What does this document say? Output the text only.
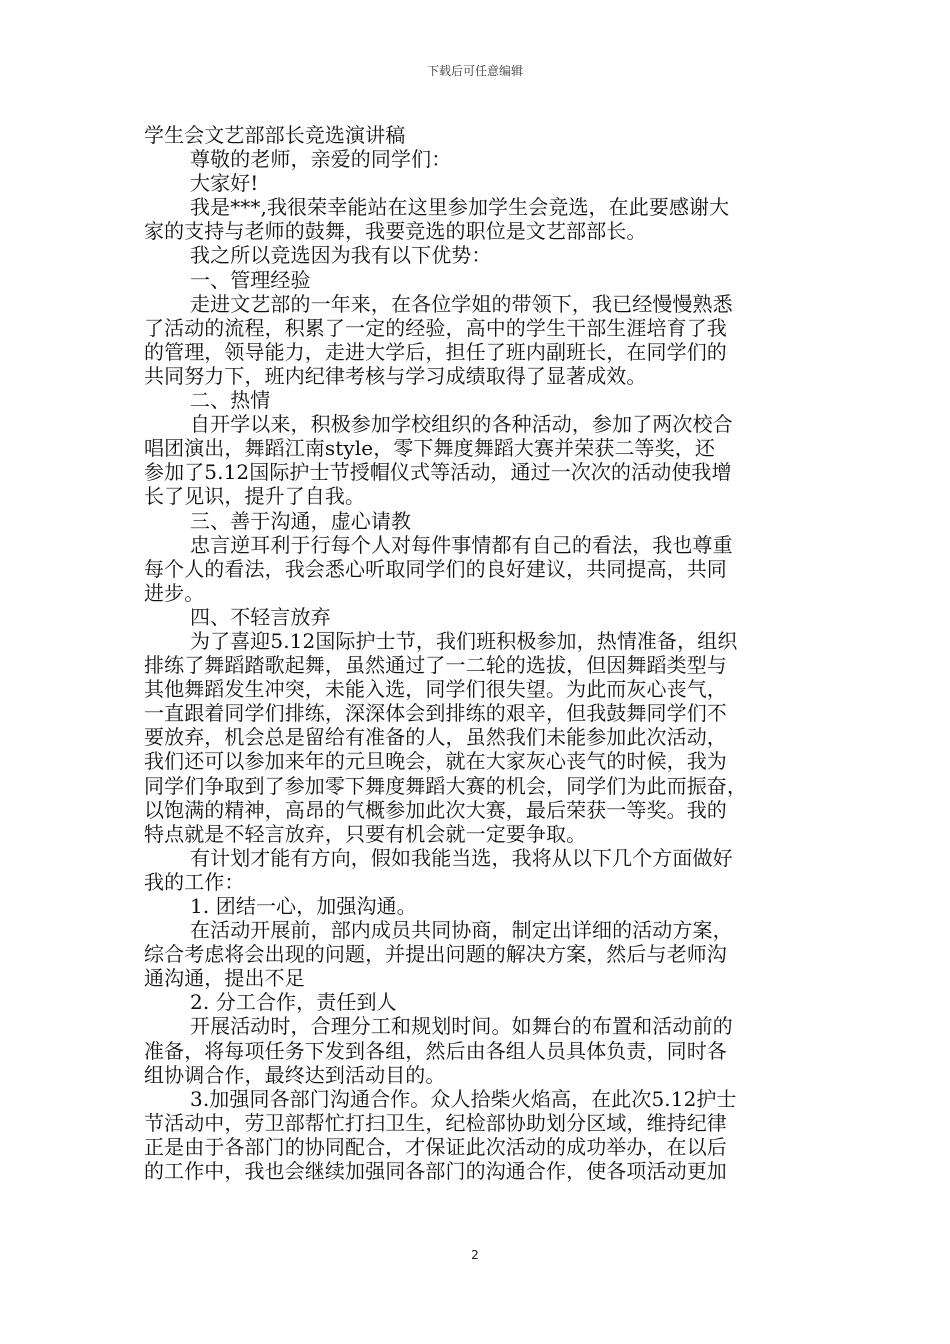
下载后可任意编辑
学生会文艺部部长竞选演讲稿
尊敬的老师，亲爱的同学们：
大家好!
我是***,我很荣幸能站在这里参加学生会竞选，在此要感谢大
家的支持与老师的鼓舞，我要竞选的职位是文艺部部长。
我之所以竞选因为我有以下优势：
一、管理经验
走进文艺部的一年来，在各位学姐的带领下，我已经慢慢熟悉
了活动的流程，积累了一定的经验，高中的学生干部生涯培育了我
的管理，领导能力，走进大学后，担任了班内副班长，在同学们的
共同努力下，班内纪律考核与学习成绩取得了显著成效。
二、热情
自开学以来，积极参加学校组织的各种活动，参加了两次校合
唱团演出，舞蹈江南style，零下舞度舞蹈大赛并荣获二等奖，还
参加了5.12国际护士节授帽仪式等活动，通过一次次的活动使我增
长了见识，提升了自我。
三、善于沟通，虚心请教
忠言逆耳利于行每个人对每件事情都有自己的看法，我也尊重
每个人的看法，我会悉心听取同学们的良好建议，共同提高，共同
进步。
四、不轻言放弃
为了喜迎5.12国际护士节，我们班积极参加，热情准备，组织
排练了舞蹈踏歌起舞，虽然通过了一二轮的选拔，但因舞蹈类型与
其他舞蹈发生冲突，未能入选，同学们很失望。为此而灰心丧气，
一直跟着同学们排练，深深体会到排练的艰辛，但我鼓舞同学们不
要放弃，机会总是留给有准备的人，虽然我们未能参加此次活动，
我们还可以参加来年的元旦晚会，就在大家灰心丧气的时候，我为
同学们争取到了参加零下舞度舞蹈大赛的机会，同学们为此而振奋，
以饱满的精神，高昂的气概参加此次大赛，最后荣获一等奖。我的
特点就是不轻言放弃，只要有机会就一定要争取。
有计划才能有方向，假如我能当选，我将从以下几个方面做好
我的工作：
1. 团结一心，加强沟通。
在活动开展前，部内成员共同协商，制定出详细的活动方案，
综合考虑将会出现的问题，并提出问题的解决方案，然后与老师沟
通沟通，提出不足
2. 分工合作，责任到人
开展活动时，合理分工和规划时间。如舞台的布置和活动前的
准备，将每项任务下发到各组，然后由各组人员具体负责，同时各
组协调合作，最终达到活动目的。
3.加强同各部门沟通合作。众人拾柴火焰高，在此次5.12护士
节活动中，劳卫部帮忙打扫卫生，纪检部协助划分区域，维持纪律
正是由于各部门的协同配合，才保证此次活动的成功举办，在以后
的工作中，我也会继续加强同各部门的沟通合作，使各项活动更加
2
